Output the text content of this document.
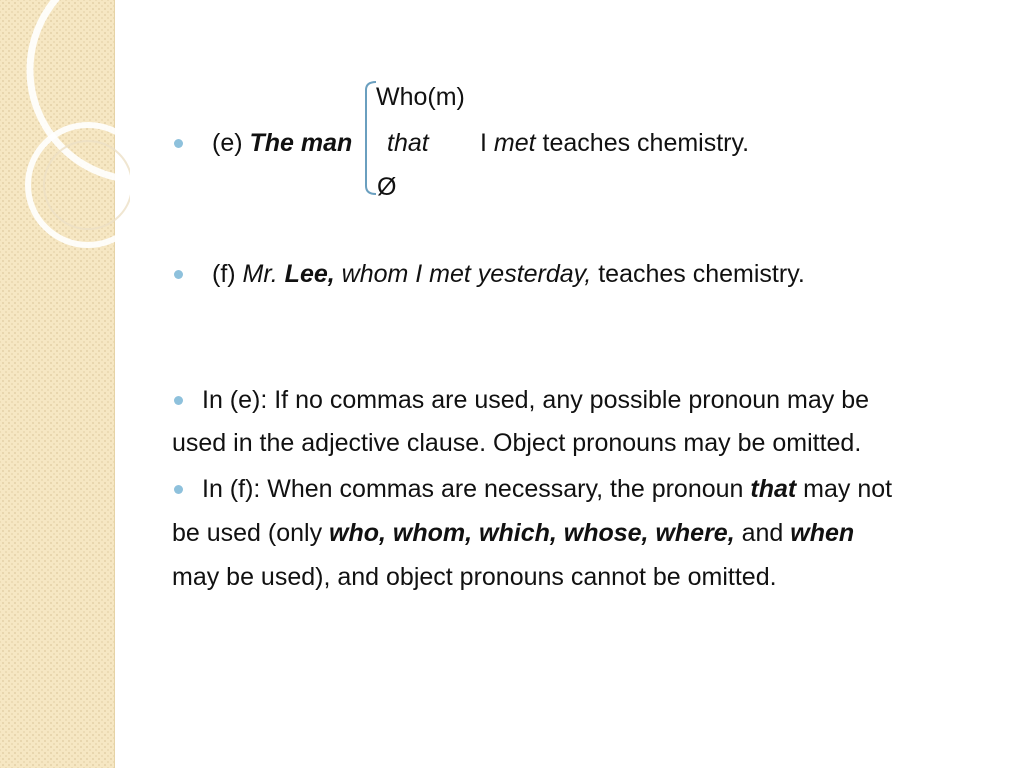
Who(m)
(e) The man that I met teaches chemistry.
Ø
(f) Mr. Lee, whom I met yesterday, teaches chemistry.
In (e): If no commas are used, any possible pronoun may be
used in the adjective clause. Object pronouns may be omitted.
In (f): When commas are necessary, the pronoun that may not
be used (only who, whom, which, whose, where, and when
may be used), and object pronouns cannot be omitted.
